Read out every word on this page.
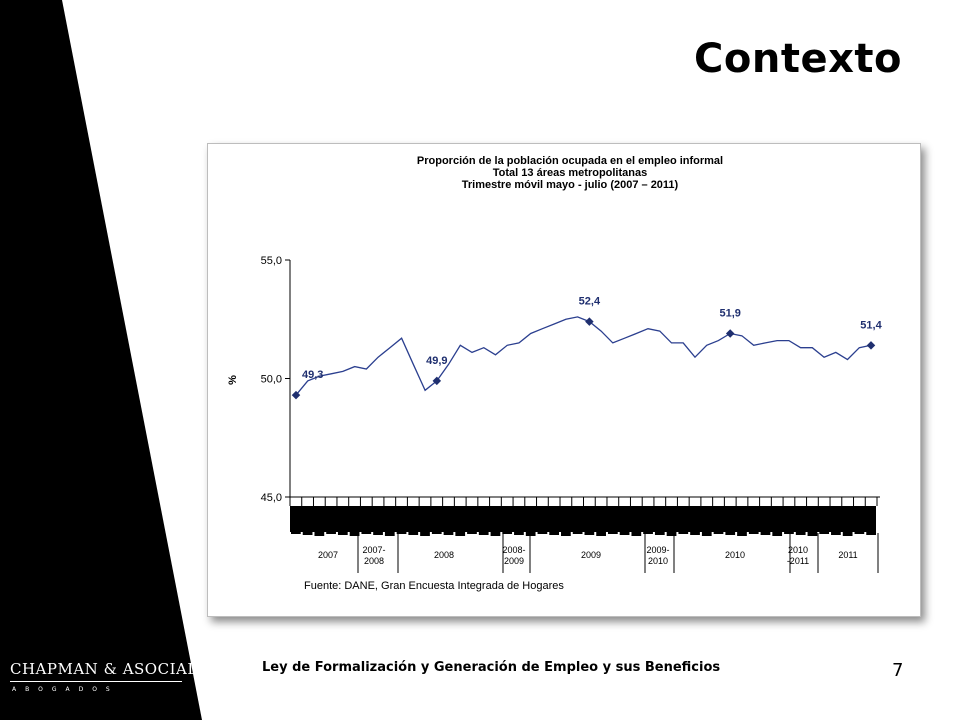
Contexto
Proporción de la población ocupada en el empleo informal
Total 13 áreas metropolitanas
Trimestre móvil mayo - julio (2007 – 2011)
55,0
50,0
45,0
%
2007	2007-
2008
2008	2008-
2009
2009	2009-
2010
2010	2010
-2011
2011
49,3
49,9
52,4
51,9
51,4
Fuente: DANE, Gran Encuesta Integrada de Hogares
CHAPMAN & ASOCIADOS
ABOGADOS
Ley de Formalización y Generación de Empleo y sus Beneficios	7
